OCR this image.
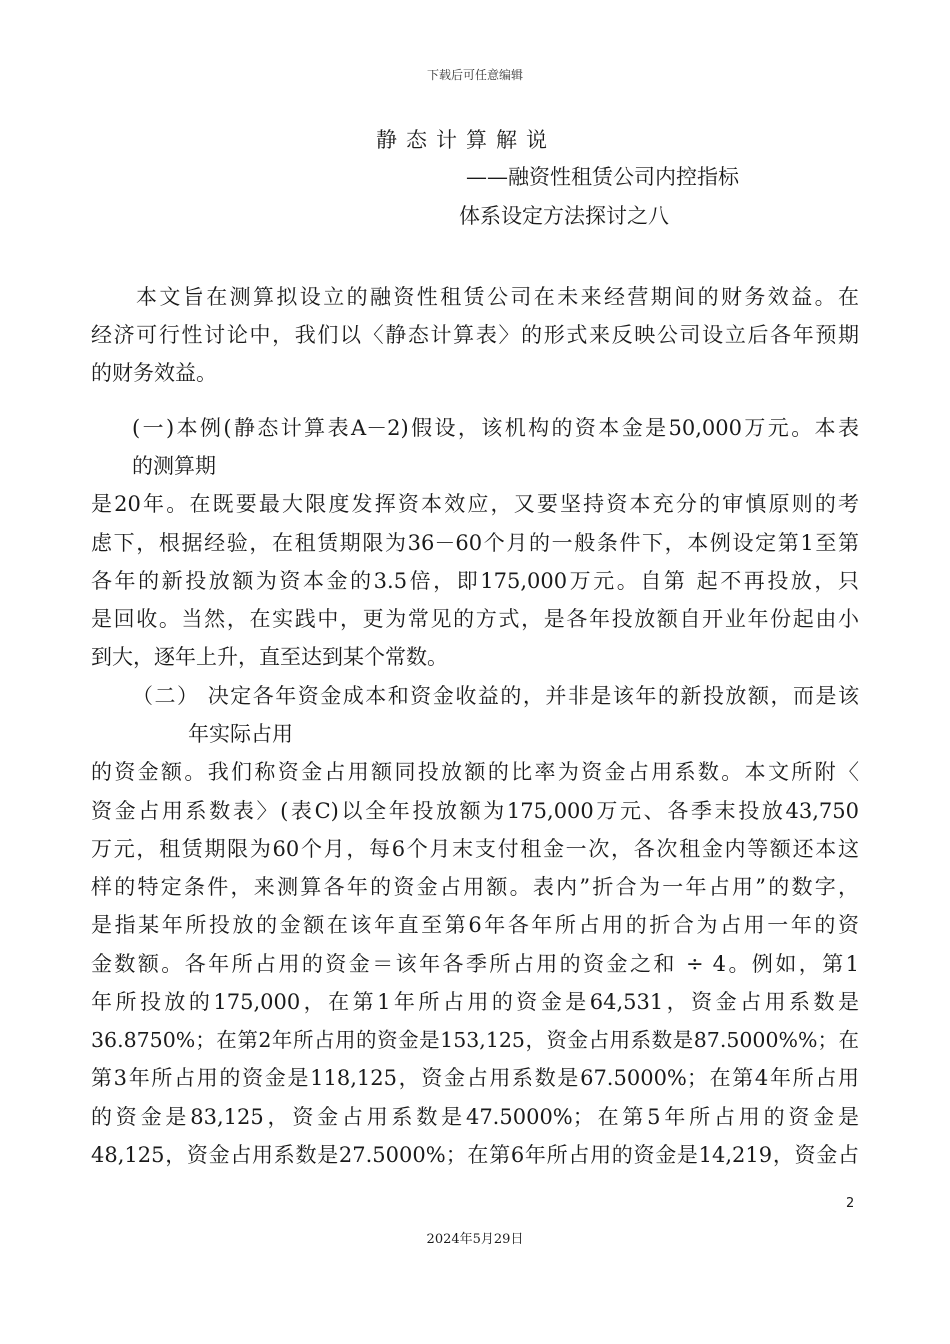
下载后可任意编辑
静态计算解说
——融资性租赁公司内控指标
体系设定方法探讨之八
本文旨在测算拟设立的融资性租赁公司在未来经营期间的财务效益。在
经济可行性讨论中，我们以〈静态计算表〉的形式来反映公司设立后各年预期
的财务效益。
(一)本例(静态计算表A－2)假设，该机构的资本金是50,000万元。本表
的测算期
是20年。在既要最大限度发挥资本效应，又要坚持资本充分的审慎原则的考
虑下，根据经验，在租赁期限为36－60个月的一般条件下，本例设定第1至第
各年的新投放额为资本金的3.5倍，即175,000万元。自第 起不再投放，只
是回收。当然，在实践中，更为常见的方式，是各年投放额自开业年份起由小
到大，逐年上升，直至达到某个常数。
（二） 决定各年资金成本和资金收益的，并非是该年的新投放额，而是该
年实际占用
的资金额。我们称资金占用额同投放额的比率为资金占用系数。本文所附〈
资金占用系数表〉(表C)以全年投放额为175,000万元、各季末投放43,750
万元，租赁期限为60个月，每6个月末支付租金一次，各次租金内等额还本这
样的特定条件，来测算各年的资金占用额。表内”折合为一年占用”的数字，
是指某年所投放的金额在该年直至第6年各年所占用的折合为占用一年的资
金数额。各年所占用的资金＝该年各季所占用的资金之和 ÷ 4。例如，第1
年所投放的175,000，在第1年所占用的资金是64,531，资金占用系数是
36.8750%；在第2年所占用的资金是153,125，资金占用系数是87.5000%%；在
第3年所占用的资金是118,125，资金占用系数是67.5000%；在第4年所占用
的资金是83,125，资金占用系数是47.5000%；在第5年所占用的资金是
48,125，资金占用系数是27.5000%；在第6年所占用的资金是14,219，资金占
2
2024年5月29日
